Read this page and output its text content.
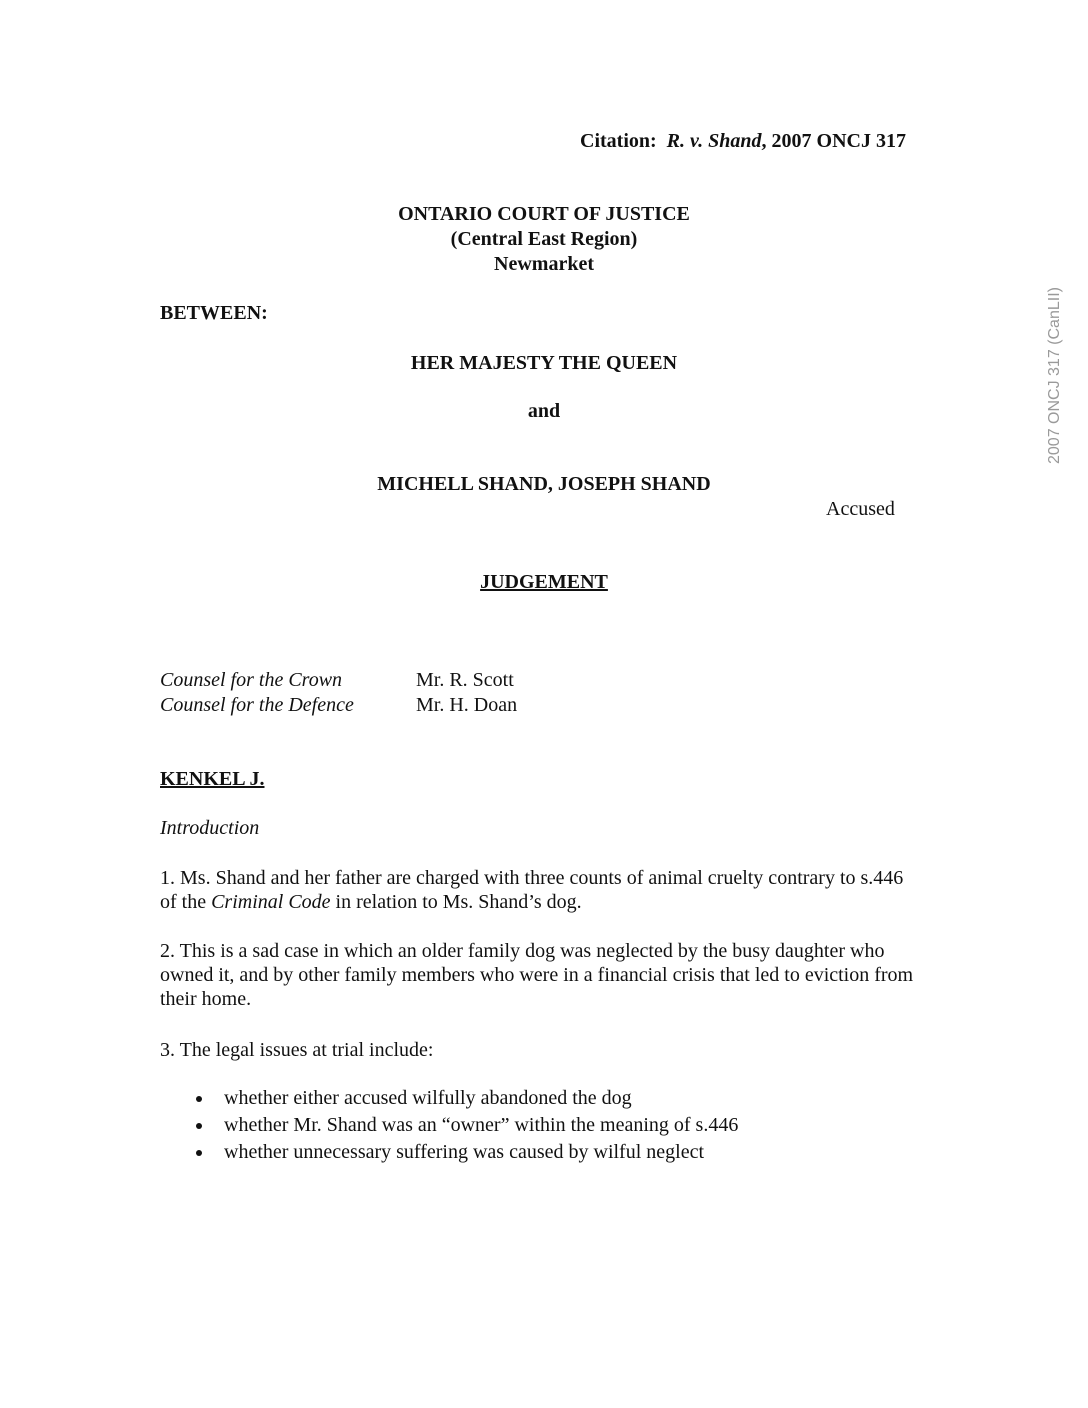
2007 ONCJ 317 (CanLII)
Citation: R. v. Shand, 2007 ONCJ 317
ONTARIO COURT OF JUSTICE
(Central East Region)
Newmarket
BETWEEN:
HER MAJESTY THE QUEEN
and
MICHELL SHAND, JOSEPH SHAND
Accused
JUDGEMENT
Counsel for the Crown	Mr. R. Scott
Counsel for the Defence	Mr. H. Doan
KENKEL J.
Introduction
1. Ms. Shand and her father are charged with three counts of animal cruelty contrary to s.446 of the Criminal Code in relation to Ms. Shand’s dog.
2. This is a sad case in which an older family dog was neglected by the busy daughter who owned it, and by other family members who were in a financial crisis that led to eviction from their home.
3. The legal issues at trial include:
whether either accused wilfully abandoned the dog
whether Mr. Shand was an “owner” within the meaning of s.446
whether unnecessary suffering was caused by wilful neglect
